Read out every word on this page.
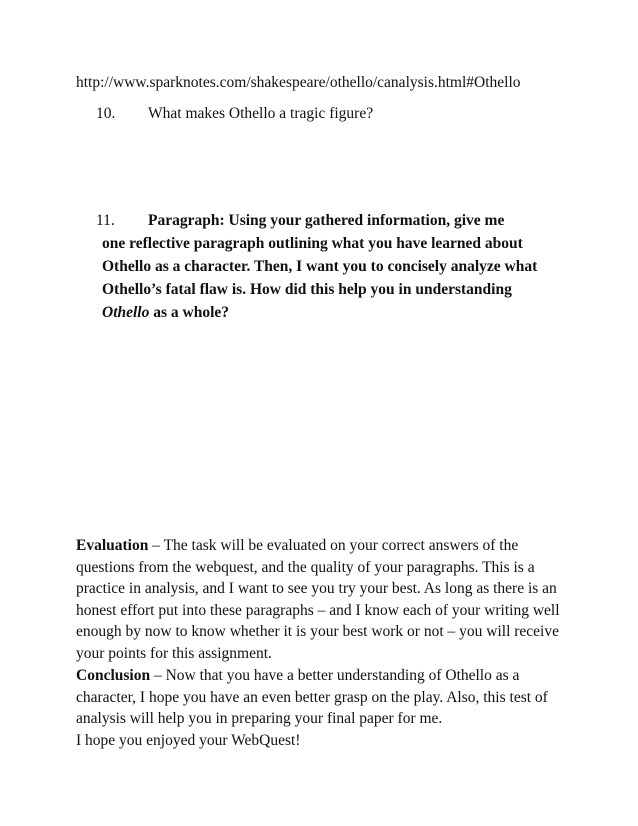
http://www.sparknotes.com/shakespeare/othello/canalysis.html#Othello
10. What makes Othello a tragic figure?
11. Paragraph: Using your gathered information, give me
one reflective paragraph outlining what you have learned about Othello as a character. Then, I want you to concisely analyze what Othello’s fatal flaw is. How did this help you in understanding Othello as a whole?
Evaluation – The task will be evaluated on your correct answers of the questions from the webquest, and the quality of your paragraphs. This is a practice in analysis, and I want to see you try your best. As long as there is an honest effort put into these paragraphs – and I know each of your writing well enough by now to know whether it is your best work or not – you will receive your points for this assignment.
Conclusion – Now that you have a better understanding of Othello as a character, I hope you have an even better grasp on the play. Also, this test of analysis will help you in preparing your final paper for me.
I hope you enjoyed your WebQuest!
